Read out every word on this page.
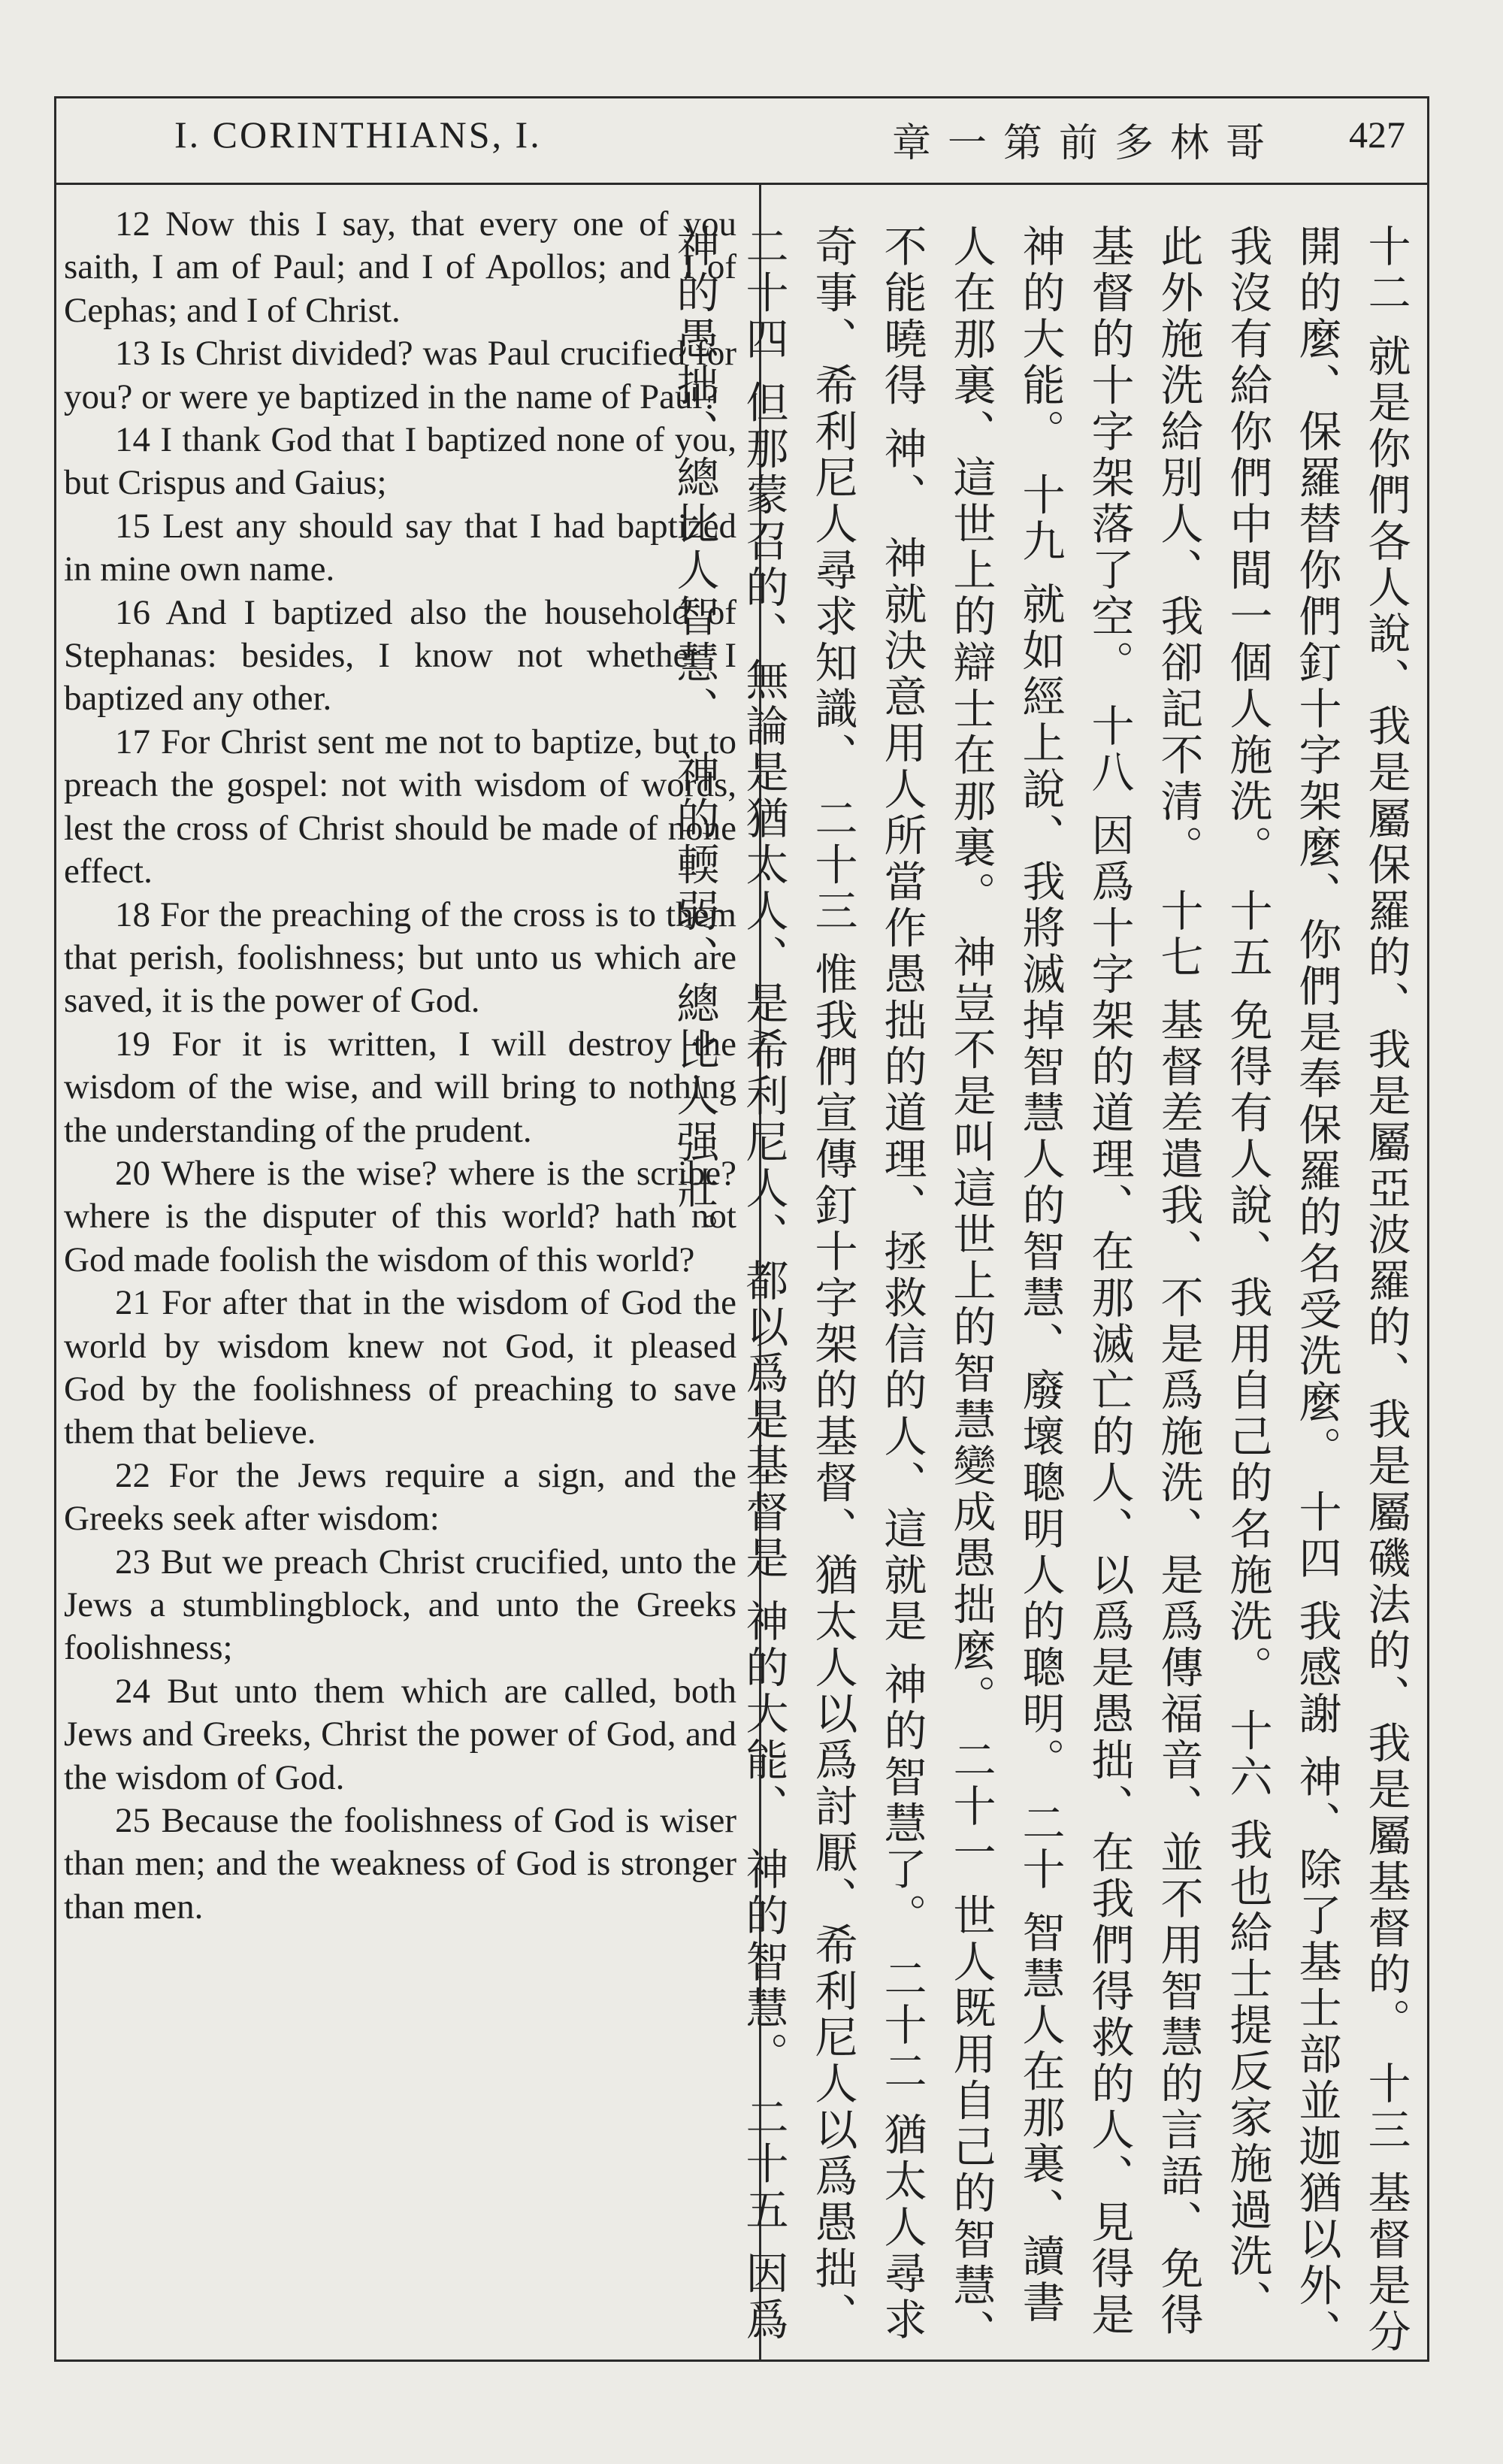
I. CORINTHIANS, I.	章一第前多林哥 427

12 Now this I say, that every one of you saith, I am of Paul; and I of Apollos; and I of Cephas; and I of Christ.

13 Is Christ divided? was Paul crucified for you? or were ye baptized in the name of Paul?

14 I thank God that I baptized none of you, but Crispus and Gaius;

15 Lest any should say that I had baptized in mine own name.

16 And I baptized also the household of Stephanas: besides, I know not whether I baptized any other.

17 For Christ sent me not to baptize, but to preach the gospel: not with wisdom of words, lest the cross of Christ should be made of none effect.

18 For the preaching of the cross is to them that perish, foolishness; but unto us which are saved, it is the power of God.

19 For it is written, I will destroy the wisdom of the wise, and will bring to nothing the understanding of the prudent.

20 Where is the wise? where is the scribe? where is the disputer of this world? hath not God made foolish the wisdom of this world?

21 For after that in the wisdom of God the world by wisdom knew not God, it pleased God by the foolishness of preaching to save them that believe.

22 For the Jews require a sign, and the Greeks seek after wisdom:

23 But we preach Christ crucified, unto the Jews a stumblingblock, and unto the Greeks foolishness;

24 But unto them which are called, both Jews and Greeks, Christ the power of God, and the wisdom of God.

25 Because the foolishness of God is wiser than men; and the weakness of God is stronger than men.	十二 就是你們各人說、我是屬保羅的、我是屬亞波羅的、我是屬磯法的、我是屬基督的。 十三 基督是分開的麼、保羅替你們釘十字架麼、你們是奉保羅的名受洗麼。 十四 我感謝 神、除了基士部並迦猶以外、我沒有給你們中間一個人施洗。 十五 免得有人說、我用自己的名施洗。 十六 我也給士提反家施過洗、此外施洗給別人、我卻記不清。 十七 基督差遣我、不是爲施洗、是爲傳福音、並不用智慧的言語、免得基督的十字架落了空。 十八 因爲十字架的道理、在那滅亡的人、以爲是愚拙、在我們得救的人、見得是 神的大能。 十九 就如經上說、我將滅掉智慧人的智慧、廢壞聰明人的聰明。 二十 智慧人在那裏、讀書人在那裏、這世上的辯士在那裏。 神豈不是叫這世上的智慧變成愚拙麼。 二十一 世人既用自己的智慧、不能曉得 神、 神就決意用人所當作愚拙的道理、拯救信的人、這就是 神的智慧了。 二十二 猶太人尋求奇事、希利尼人尋求知識、 二十三 惟我們宣傳釘十字架的基督、猶太人以爲討厭、希利尼人以爲愚拙、 二十四 但那蒙召的、無論是猶太人、是希利尼人、都以爲是基督是 神的大能、 神的智慧。 二十五 因爲 神的愚拙、總比人智慧、 神的輭弱、總比人强壯。
